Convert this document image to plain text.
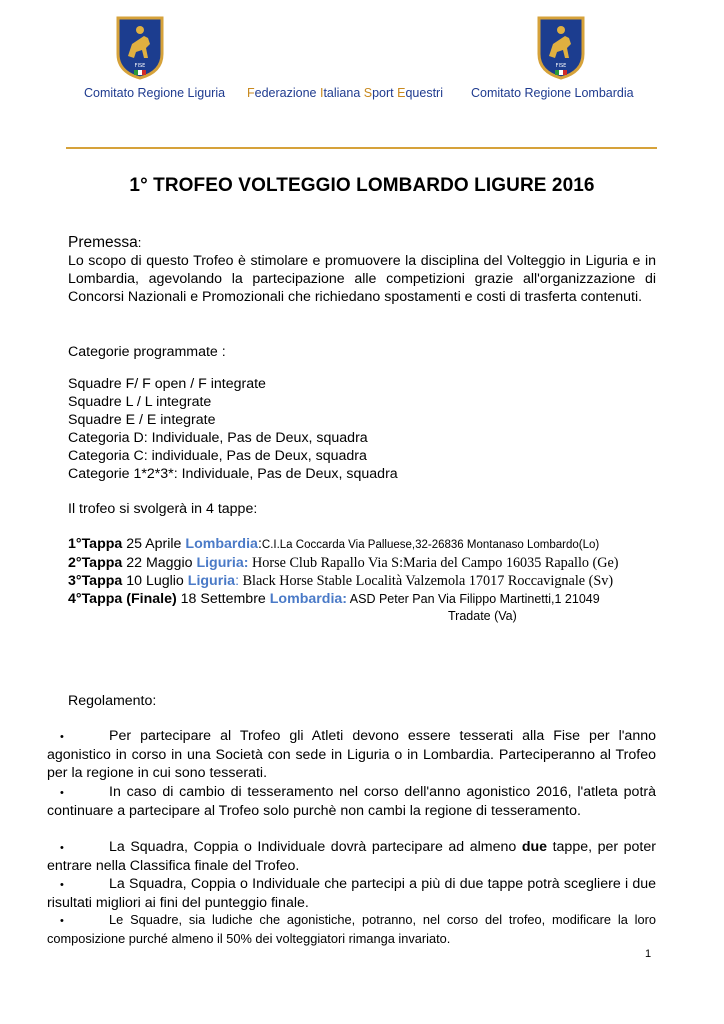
FISE	FISE
Comitato Regione Liguria Federazione Italiana Sport Equestri Comitato Regione Lombardia
1° TROFEO VOLTEGGIO LOMBARDO LIGURE 2016
Premessa:
Lo scopo di questo Trofeo è stimolare e promuovere la disciplina del Volteggio in Liguria e in Lombardia, agevolando la partecipazione alle competizioni grazie all'organizzazione di Concorsi Nazionali e Promozionali che richiedano spostamenti e costi di trasferta contenuti.
Categorie programmate :
Squadre F/ F open / F integrate
Squadre L / L integrate
Squadre E / E integrate
Categoria D: Individuale, Pas de Deux, squadra
Categoria C: individuale, Pas de Deux, squadra
Categorie 1*2*3*: Individuale, Pas de Deux, squadra
Il trofeo si svolgerà in 4 tappe:
1°Tappa 25 Aprile Lombardia:C.I.La Coccarda Via Palluese,32-26836 Montanaso Lombardo(Lo)
2°Tappa 22 Maggio Liguria: Horse Club Rapallo Via S:Maria del Campo 16035 Rapallo (Ge)
3°Tappa 10 Luglio Liguria: Black Horse Stable Località Valzemola 17017 Roccavignale (Sv)
4°Tappa (Finale) 18 Settembre Lombardia: ASD Peter Pan Via Filippo Martinetti,1 21049
Tradate (Va)
Regolamento:
•	Per partecipare al Trofeo gli Atleti devono essere tesserati alla Fise per l'anno agonistico in corso in una Società con sede in Liguria o in Lombardia. Parteciperanno al Trofeo per la regione in cui sono tesserati.
•	In caso di cambio di tesseramento nel corso dell'anno agonistico 2016, l'atleta potrà continuare a partecipare al Trofeo solo purchè non cambi la regione di tesseramento.
•	La Squadra, Coppia o Individuale dovrà partecipare ad almeno due tappe, per poter entrare nella Classifica finale del Trofeo.
•	La Squadra, Coppia o Individuale che partecipi a più di due tappe potrà scegliere i due risultati migliori ai fini del punteggio finale.
•	Le Squadre, sia ludiche che agonistiche, potranno, nel corso del trofeo, modificare la loro composizione purché almeno il 50% dei volteggiatori rimanga invariato.
1
